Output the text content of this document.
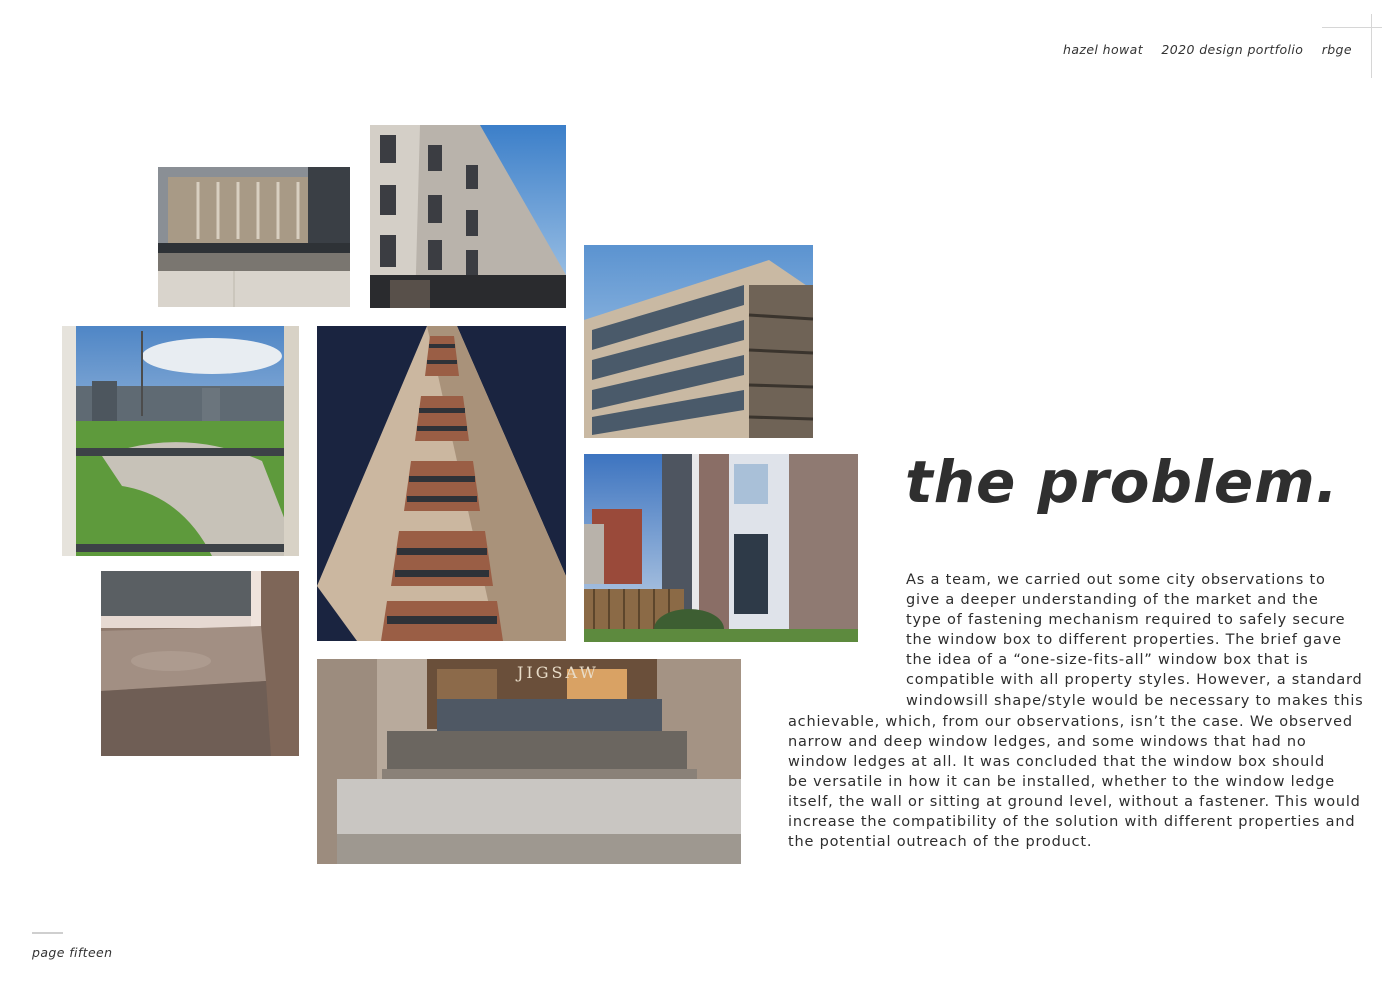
hazel howat 2020 design portfolio rbge
JIGSAW
the problem.
As a team, we carried out some city observations to
give a deeper understanding of the market and the
type of fastening mechanism required to safely secure
the window box to different properties. The brief gave
the idea of a “one-size-fits-all” window box that is
compatible with all property styles. However, a standard
windowsill shape/style would be necessary to makes this
achievable, which, from our observations, isn’t the case. We observed
narrow and deep window ledges, and some windows that had no
window ledges at all. It was concluded that the window box should
be versatile in how it can be installed, whether to the window ledge
itself, the wall or sitting at ground level, without a fastener. This would
increase the compatibility of the solution with different properties and
the potential outreach of the product.
page fifteen
